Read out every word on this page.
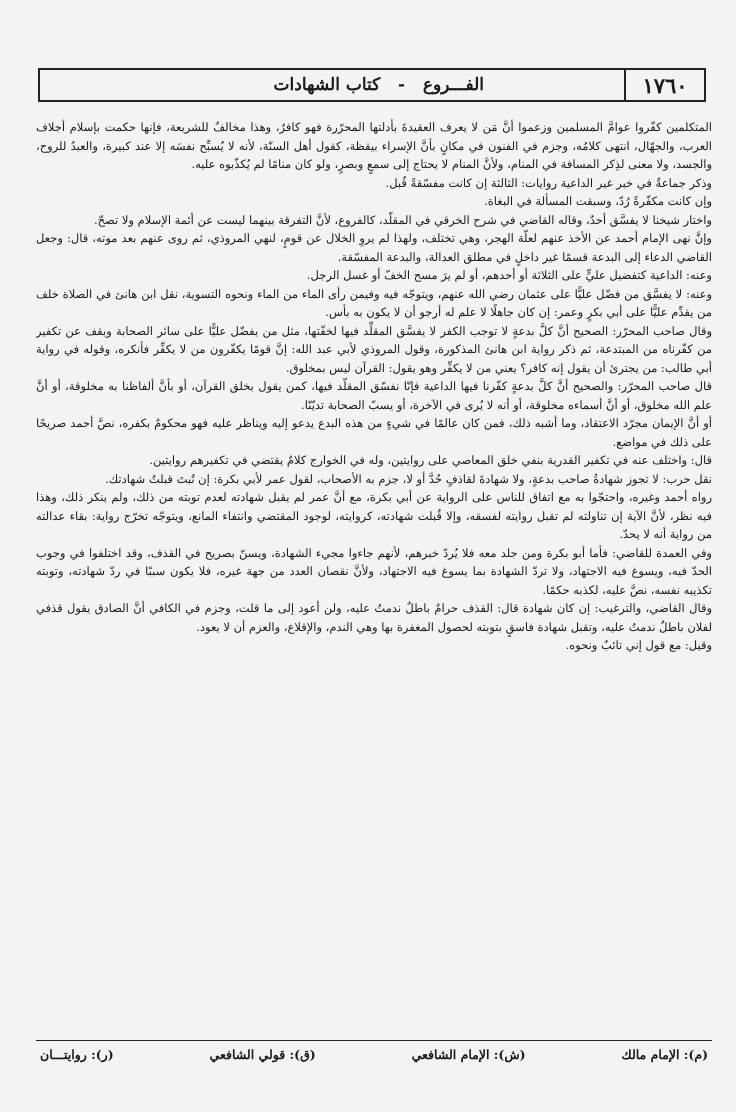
١٧٦٠
الفـــروع   -   كتاب الشهادات

المتكلمين كفّروا عوامَّ المسلمين وزعموا أنَّ مَن لا يعرف العقيدةَ بأدلتها المحرّرة فهو كافرٌ، وهذا مخالفٌ للشريعة، فإنها حكمت بإسلام أجلاف العرب، والجهّال، انتهى كلامُه، وجزم في الفنون في مكانٍ بأنَّ الإسراء بيقظة، كقول أهل السنّة، لأنه لا يُسبِّح نفسَه إلا عند كبيرة، والعبدُ للروح، والجسد، ولا معنى لذِكر المسافة في المنام، ولأنَّ المنام لا يحتاج إلى سمعٍ وبصرٍ، ولو كان منامًا لم يُكذّبوه عليه.

وذكر جماعةٌ في خبر غير الداعية روايات: الثالثة إن كانت مفسّقةً قُبل.

وإن كانت مكفّرةً رُدّ، وسبقت المسألة في البغاة.

واختار شيخنا لا يفسَّق أحدٌ، وقاله القاضي في شرح الخرقي في المقلّد، كالفروع، لأنَّ التفرقة بينهما ليست عن أئمة الإسلام ولا تصحّ.

وإنَّ نهى الإمام أحمد عن الأخذ عنهم لعلّة الهجر، وهي تختلف، ولهذا لم يروِ الخلال عن قومٍ، لنهي المروذي، ثم روى عنهم بعد موته، قال: وجعل القاضي الدعاء إلى البدعة قسمًا غير داخلٍ في مطلق العدالة، والبدعة المفسّقة.

وعنه: الداعية كتفضيل عليٍّ على الثلاثة أو أحدهم، أو لم يرَ مسح الخفّ أو غسل الرجل.

وعنه: لا يفسَّق من فضّل عليًّا على عثمان رضي الله عنهم، ويتوجّه فيه وفيمن رأى الماء من الماء ونحوه التسوية، نقل ابن هانئ في الصلاة خلف من يقدِّم عليًّا على أبي بكرٍ وعمر: إن كان جاهلًا لا علم له أرجو أن لا يكون به بأس.

وقال صاحب المحرّر: الصحيح أنَّ كلَّ بدعةٍ لا توجب الكفر لا يفسَّق المقلِّد فيها لخفّتها، مثل من يفضّل عليًّا على سائر الصحابة ويقف عن تكفير من كفّرناه من المبتدعة، ثم ذكر رواية ابن هانئ المذكورة، وقول المروذي لأبي عبد الله: إنَّ قومًا يكفّرون من لا يكفِّر فأنكره، وقوله في رواية أبي طالب: من يجترئ أن يقول إنه كافر؟ يعني من لا يكفِّر وهو يقول: القرآن ليس بمخلوق.

قال صاحب المحرّر: والصحيح أنَّ كلَّ بدعةٍ كفّرنا فيها الداعية فإنّا نفسّق المقلّد فيها، كمن يقول بخلق القرآن، أو بأنَّ ألفاظنا به مخلوقة، أو أنَّ علم الله مخلوق، أو أنَّ أسماءه مخلوقة، أو أنه لا يُرى في الآخرة، أو يسبّ الصحابة تديّنًا.

أو أنَّ الإيمان مجرّد الاعتقاد، وما أشبه ذلك، فمن كان عالمًا في شيءٍ من هذه البدع يدعو إليه ويناظر عليه فهو محكومٌ بكفره، نصَّ أحمد صريحًا على ذلك في مواضع.

قال: واختلف عنه في تكفير القدرية بنفي خلق المعاصي على روايتين، وله في الخوارج كلامٌ يقتضي في تكفيرهم روايتين.

نقل حرب: لا تجوز شهادةُ صاحب بدعةٍ، ولا شهادةَ لقاذفٍ حُدَّ أو لا، جزم به الأصحاب، لقول عمر لأبي بكرة: إن تُبتَ قبلتُ شهادتك.

رواه أحمد وغيره، واحتجّوا به مع اتفاق للناس على الرواية عن أبي بكرة، مع أنَّ عمر لم يقبل شهادته لعدم توبته من ذلك، ولم ينكر ذلك، وهذا فيه نظر، لأنَّ الآية إن تناولته لم تقبل روايته لفسقه، وإلا قُبلت شهادته، كروايته، لوجود المقتضي وانتفاء المانع، ويتوجّه تخرّج رواية: بقاء عدالته من رواية أنه لا يحدّ.

وفي العمدة للقاضي: فأما أبو بكرة ومن جلد معه فلا يُردّ خبرهم، لأنهم جاءوا مجيء الشهادة، ويسنّ بصريح في القذف، وقد اختلفوا في وجوب الحدّ فيه، ويسوغ فيه الاجتهاد، ولا تردّ الشهادة بما يسوغ فيه الاجتهاد، ولأنَّ نقصان العدد من جهة غيره، فلا يكون سببًا في ردّ شهادته، وتوبته تكذيبه نفسه، نصَّ عليه، لكذبه حكمًا.

وقال القاضي، والترغيب: إن كان شهادة قال: القذف حرامٌ باطلٌ ندمتُ عليه، ولن أعود إلى ما قلت، وجزم في الكافي أنَّ الصادق يقول قذفي لفلان باطلٌ ندمتُ عليه، وتقبل شهادة فاسقٍ بتوبته لحصول المغفرة بها وهي الندم، والإقلاع، والعزم أن لا يعود.

وقيل: مع قول إني تائبٌ ونحوه.

(م): الإمام مالك
(ش): الإمام الشافعي
(ق): قولي الشافعي
(ر): روايتـــان
